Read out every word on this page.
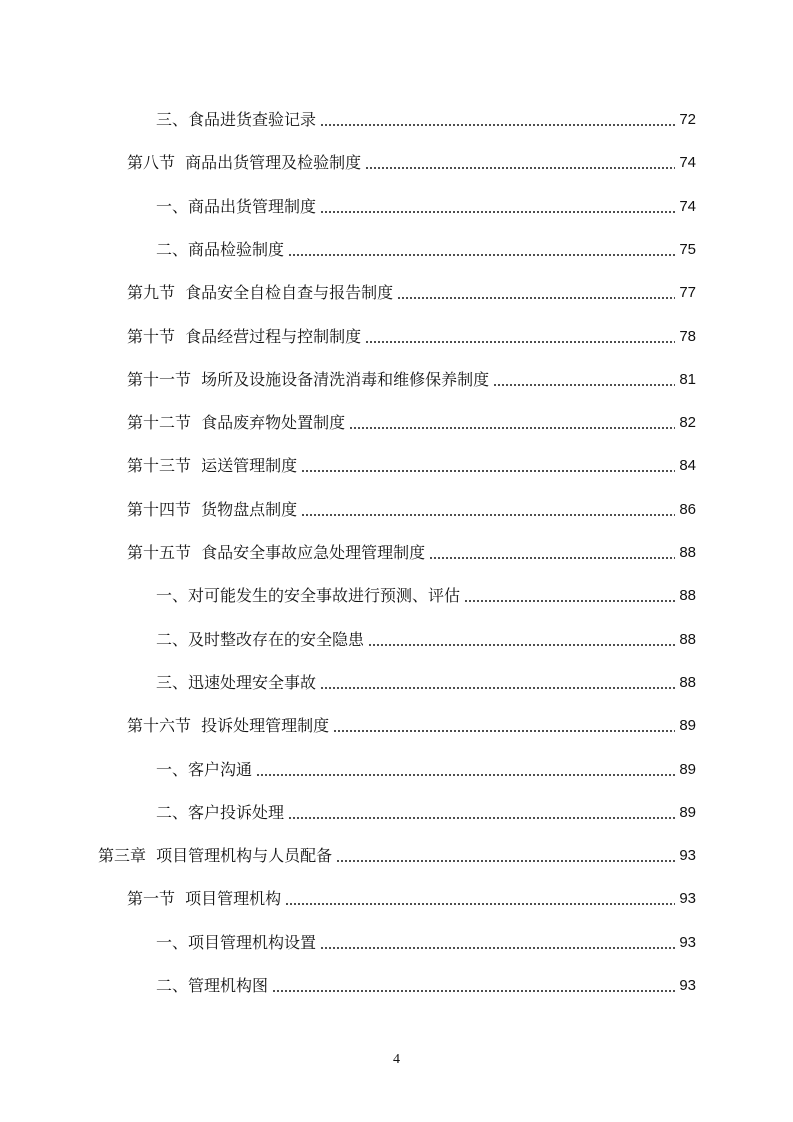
三、食品进货查验记录	72
第八节  商品出货管理及检验制度	74
一、商品出货管理制度	74
二、商品检验制度	75
第九节  食品安全自检自查与报告制度	77
第十节  食品经营过程与控制制度	78
第十一节  场所及设施设备清洗消毒和维修保养制度	81
第十二节  食品废弃物处置制度	82
第十三节  运送管理制度	84
第十四节  货物盘点制度	86
第十五节  食品安全事故应急处理管理制度	88
一、对可能发生的安全事故进行预测、评估	88
二、及时整改存在的安全隐患	88
三、迅速处理安全事故	88
第十六节  投诉处理管理制度	89
一、客户沟通	89
二、客户投诉处理	89
第三章  项目管理机构与人员配备	93
第一节  项目管理机构	93
一、项目管理机构设置	93
二、管理机构图	93
4
